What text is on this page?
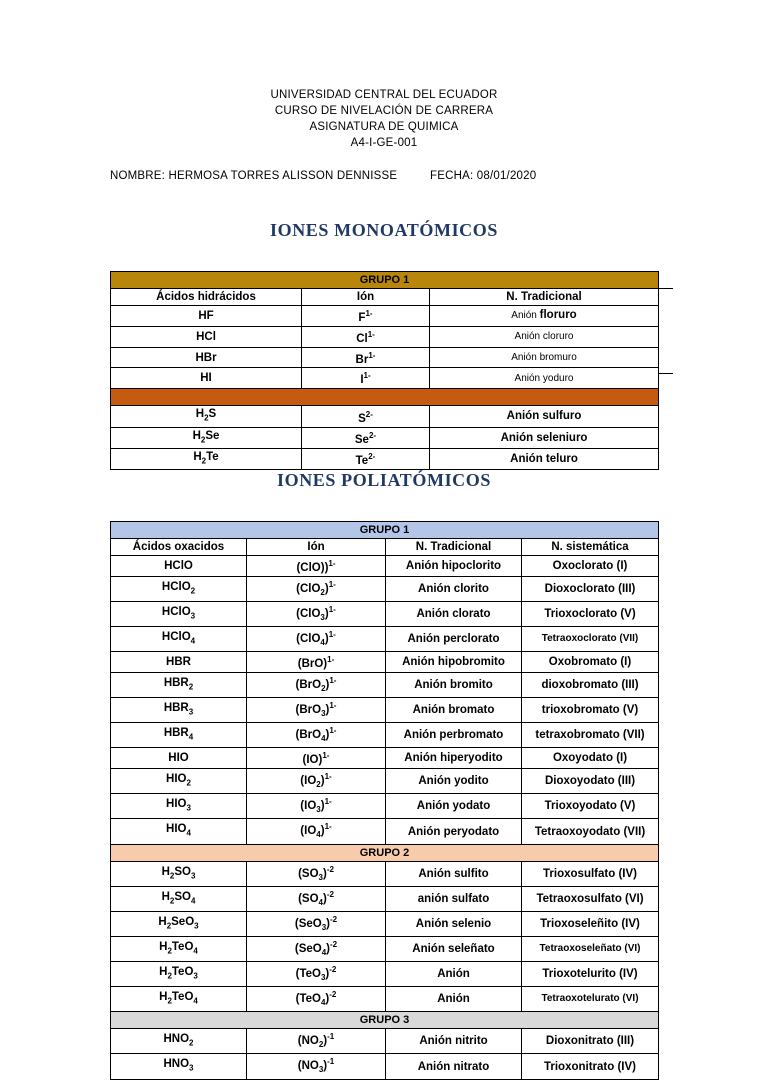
UNIVERSIDAD CENTRAL DEL ECUADOR
CURSO DE NIVELACIÓN DE CARRERA
ASIGNATURA DE QUIMICA
A4-I-GE-001
NOMBRE: HERMOSA TORRES ALISSON DENNISSE	FECHA: 08/01/2020
IONES MONOATÓMICOS
GRUPO 1		
Ácidos hidrácidos	Ión	N. Tradicional
HF	$F^{1-}$	Anión floruro
HCl	$Cl^{1-}$	Anión cloruro
HBr	$Br^{1-}$	Anión bromuro
HI	$I^{1-}$	Anión yoduro

$H_2S$	$S^{2-}$	Anión sulfuro
$H_2Se$	$Se^{2-}$	Anión seleniuro
$H_2Te$	$Te^{2-}$	Anión teluro
IONES POLIATÓMICOS
GRUPO 1			
Ácidos oxacidos	Ión	N. Tradicional	N. sistemática
HClO	(ClO))$^{1-}$	Anión hipoclorito	Oxoclorato (I)
HClO$_2$	$(ClO_2)^{1-}$	Anión clorito	Dioxoclorato (III)
HClO$_3$	$(ClO_3)^{1-}$	Anión clorato	Trioxoclorato (V)
HClO$_4$	$(ClO_4)^{1-}$	Anión perclorato	Tetraoxoclorato (VII)
HBR	(BrO)$^{1-}$	Anión hipobromito	Oxobromato (I)
$HBR_2$	$(BrO_2)^{1-}$	Anión bromito	dioxobromato (III)
$HBR_3$	$(BrO_3)^{1-}$	Anión bromato	trioxobromato (V)
$HBR_4$	$(BrO_4)^{1-}$	Anión perbromato	tetraxobromato (VII)
HIO	(IO)$^{1-}$	Anión hiperyodito	Oxoyodato (I)
$HIO_2$	$(IO_2)^{1-}$	Anión yodito	Dioxoyodato (III)
$HIO_3$	$(IO_3)^{1-}$	Anión yodato	Trioxoyodato (V)
$HIO_4$	$(IO_4)^{1-}$	Anión peryodato	Tetraoxoyodato (VII)
GRUPO 2			
$H_2SO_3$	$(SO_3)^{-2}$	Anión sulfito	Trioxosulfato (IV)
$H_2SO_4$	$(SO_4)^{-2}$	anión sulfato	Tetraoxosulfato (VI)
$H_2SeO_3$	$(SeO_3)^{-2}$	Anión selenio	Trioxoseleñito (IV)
$H_2TeO_4$	$(SeO_4)^{-2}$	Anión seleñato	Tetraoxoseleñato (VI)
$H_2TeO_3$	$(TeO_3)^{-2}$	Anión	Trioxotelurito (IV)
$H_2TeO_4$	$(TeO_4)^{-2}$	Anión	Tetraoxotelurato (VI)
GRUPO 3			
$HNO_2$	$(NO_2)^{-1}$	Anión nitrito	Dioxonitrato (III)
$HNO_3$	$(NO_3)^{-1}$	Anión nitrato	Trioxonitrato (IV)
